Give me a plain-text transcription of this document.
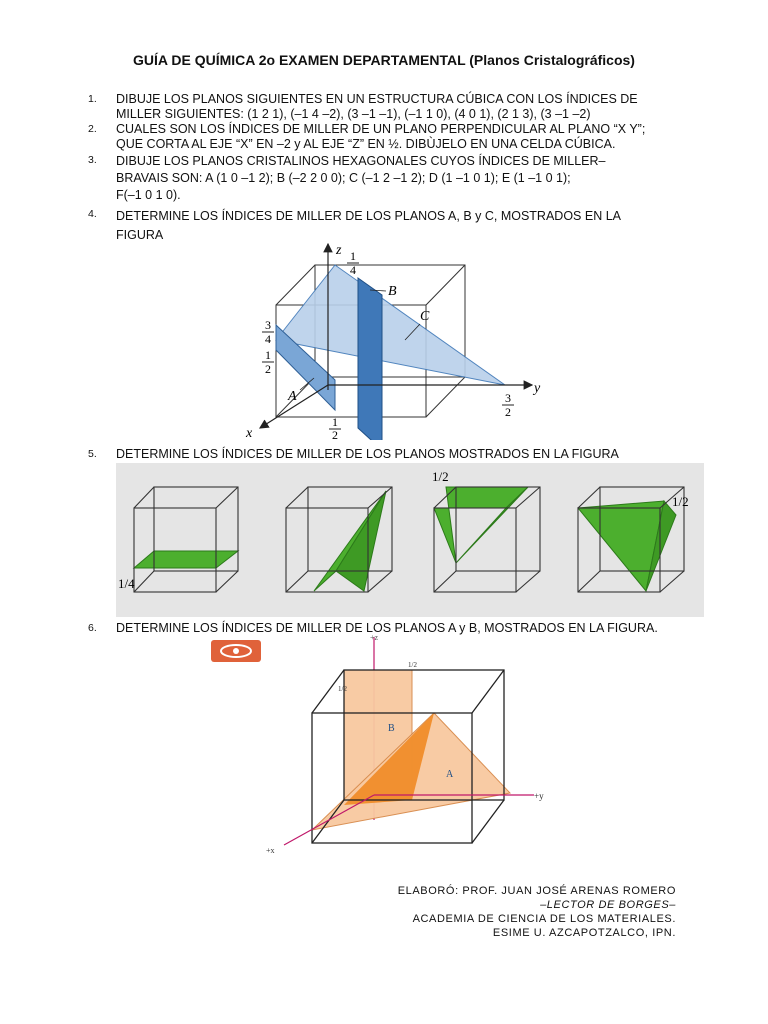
GUÍA DE QUÍMICA 2o EXAMEN DEPARTAMENTAL (Planos Cristalográficos)
1. DIBUJE LOS PLANOS SIGUIENTES EN UN ESTRUCTURA CÚBICA CON LOS ÍNDICES DE
MILLER SIGUIENTES: (1 2 1), (–1 4 –2), (3 –1 –1), (–1 1 0), (4 0 1), (2 1 3), (3 –1 –2)
2. CUALES SON LOS ÍNDICES DE MILLER DE UN PLANO PERPENDICULAR AL PLANO “X Y”;
QUE CORTA AL EJE “X” EN –2 y AL EJE “Z” EN ½. DIBÙJELO EN UNA CELDA CÚBICA.
3. DIBUJE LOS PLANOS CRISTALINOS HEXAGONALES CUYOS ÍNDICES DE MILLER–
BRAVAIS SON: A (1 0 –1 2); B (–2 2 0 0); C (–1 2 –1 2); D (1 –1 0 1); E (1 –1 0 1);
F(–1 0 1 0).
4. DETERMINE LOS ÍNDICES DE MILLER DE LOS PLANOS A, B y C, MOSTRADOS EN LA
FIGURA
z
y
x
B
C
A
1
4
3
4
1
2
1
2
3
2
5. DETERMINE LOS ÍNDICES DE MILLER DE LOS PLANOS MOSTRADOS EN LA FIGURA
1/4
1/2
1/2
6. DETERMINE LOS ÍNDICES DE MILLER DE LOS PLANOS A y B, MOSTRADOS EN LA FIGURA.
+z
+y
+x
B
A
1/2
1/2
ELABORÓ: PROF. JUAN JOSÉ ARENAS ROMERO
–LECTOR DE BORGES–
ACADEMIA DE CIENCIA DE LOS MATERIALES.
ESIME U. AZCAPOTZALCO, IPN.
